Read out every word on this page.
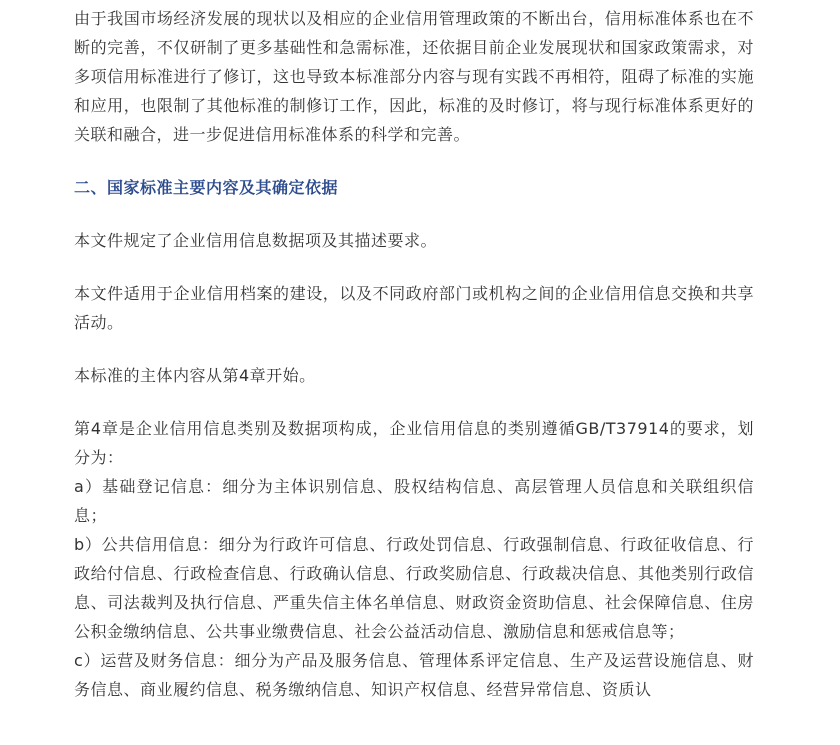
由于我国市场经济发展的现状以及相应的企业信用管理政策的不断出台，信用标准体系也在不断的完善，不仅研制了更多基础性和急需标准，还依据目前企业发展现状和国家政策需求，对多项信用标准进行了修订，这也导致本标准部分内容与现有实践不再相符，阻碍了标准的实施和应用，也限制了其他标准的制修订工作，因此，标准的及时修订，将与现行标准体系更好的关联和融合，进一步促进信用标准体系的科学和完善。

二、国家标准主要内容及其确定依据

本文件规定了企业信用信息数据项及其描述要求。

本文件适用于企业信用档案的建设，以及不同政府部门或机构之间的企业信用信息交换和共享活动。

本标准的主体内容从第4章开始。

第4章是企业信用信息类别及数据项构成，企业信用信息的类别遵循GB/T37914的要求，划分为：

a）基础登记信息：细分为主体识别信息、股权结构信息、高层管理人员信息和关联组织信息；

b）公共信用信息：细分为行政许可信息、行政处罚信息、行政强制信息、行政征收信息、行政给付信息、行政检查信息、行政确认信息、行政奖励信息、行政裁决信息、其他类别行政信息、司法裁判及执行信息、严重失信主体名单信息、财政资金资助信息、社会保障信息、住房公积金缴纳信息、公共事业缴费信息、社会公益活动信息、激励信息和惩戒信息等；

c）运营及财务信息：细分为产品及服务信息、管理体系评定信息、生产及运营设施信息、财务信息、商业履约信息、税务缴纳信息、知识产权信息、经营异常信息、资质认
